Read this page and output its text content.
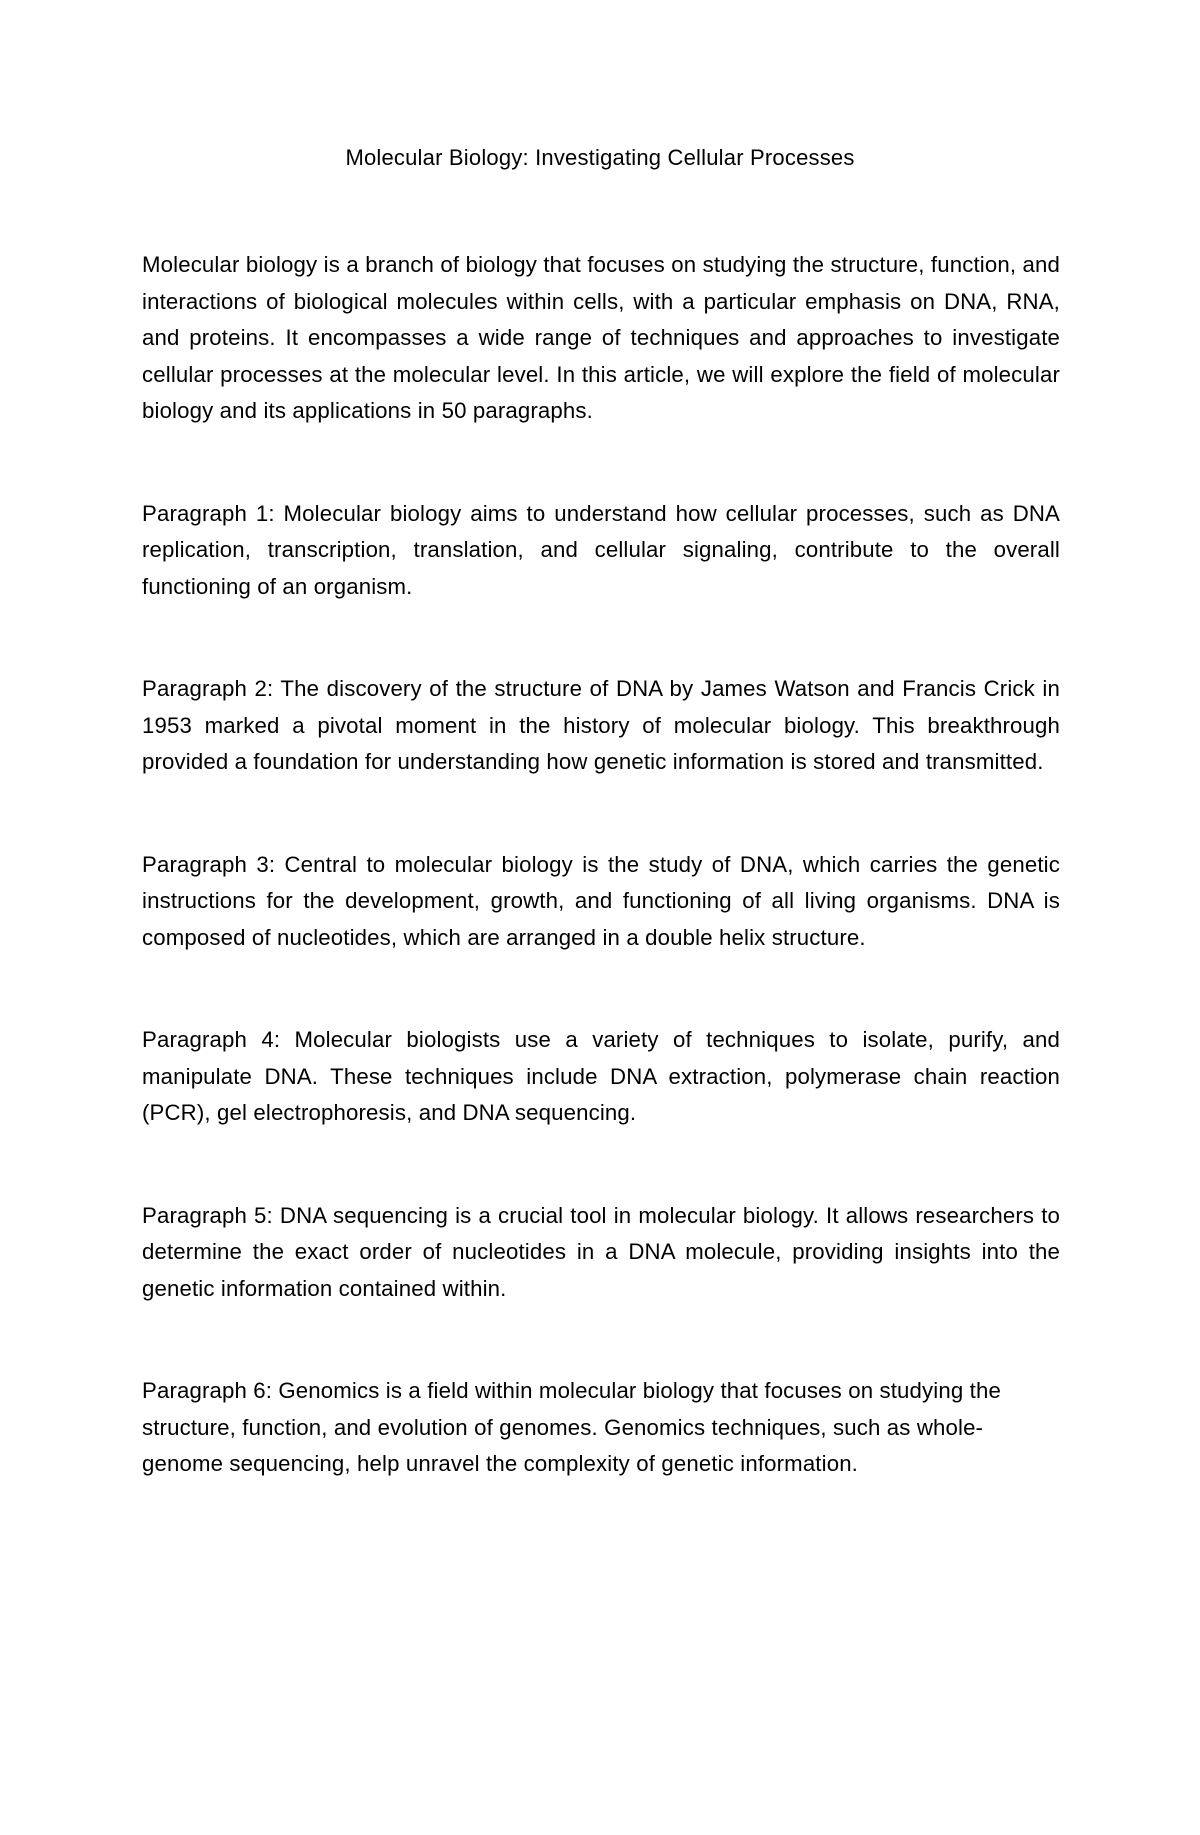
Molecular Biology: Investigating Cellular Processes

Molecular biology is a branch of biology that focuses on studying the structure, function, and interactions of biological molecules within cells, with a particular emphasis on DNA, RNA, and proteins. It encompasses a wide range of techniques and approaches to investigate cellular processes at the molecular level. In this article, we will explore the field of molecular biology and its applications in 50 paragraphs.

Paragraph 1: Molecular biology aims to understand how cellular processes, such as DNA replication, transcription, translation, and cellular signaling, contribute to the overall functioning of an organism.

Paragraph 2: The discovery of the structure of DNA by James Watson and Francis Crick in 1953 marked a pivotal moment in the history of molecular biology. This breakthrough provided a foundation for understanding how genetic information is stored and transmitted.

Paragraph 3: Central to molecular biology is the study of DNA, which carries the genetic instructions for the development, growth, and functioning of all living organisms. DNA is composed of nucleotides, which are arranged in a double helix structure.

Paragraph 4: Molecular biologists use a variety of techniques to isolate, purify, and manipulate DNA. These techniques include DNA extraction, polymerase chain reaction (PCR), gel electrophoresis, and DNA sequencing.

Paragraph 5: DNA sequencing is a crucial tool in molecular biology. It allows researchers to determine the exact order of nucleotides in a DNA molecule, providing insights into the genetic information contained within.

Paragraph 6: Genomics is a field within molecular biology that focuses on studying the structure, function, and evolution of genomes. Genomics techniques, such as whole-genome sequencing, help unravel the complexity of genetic information.
